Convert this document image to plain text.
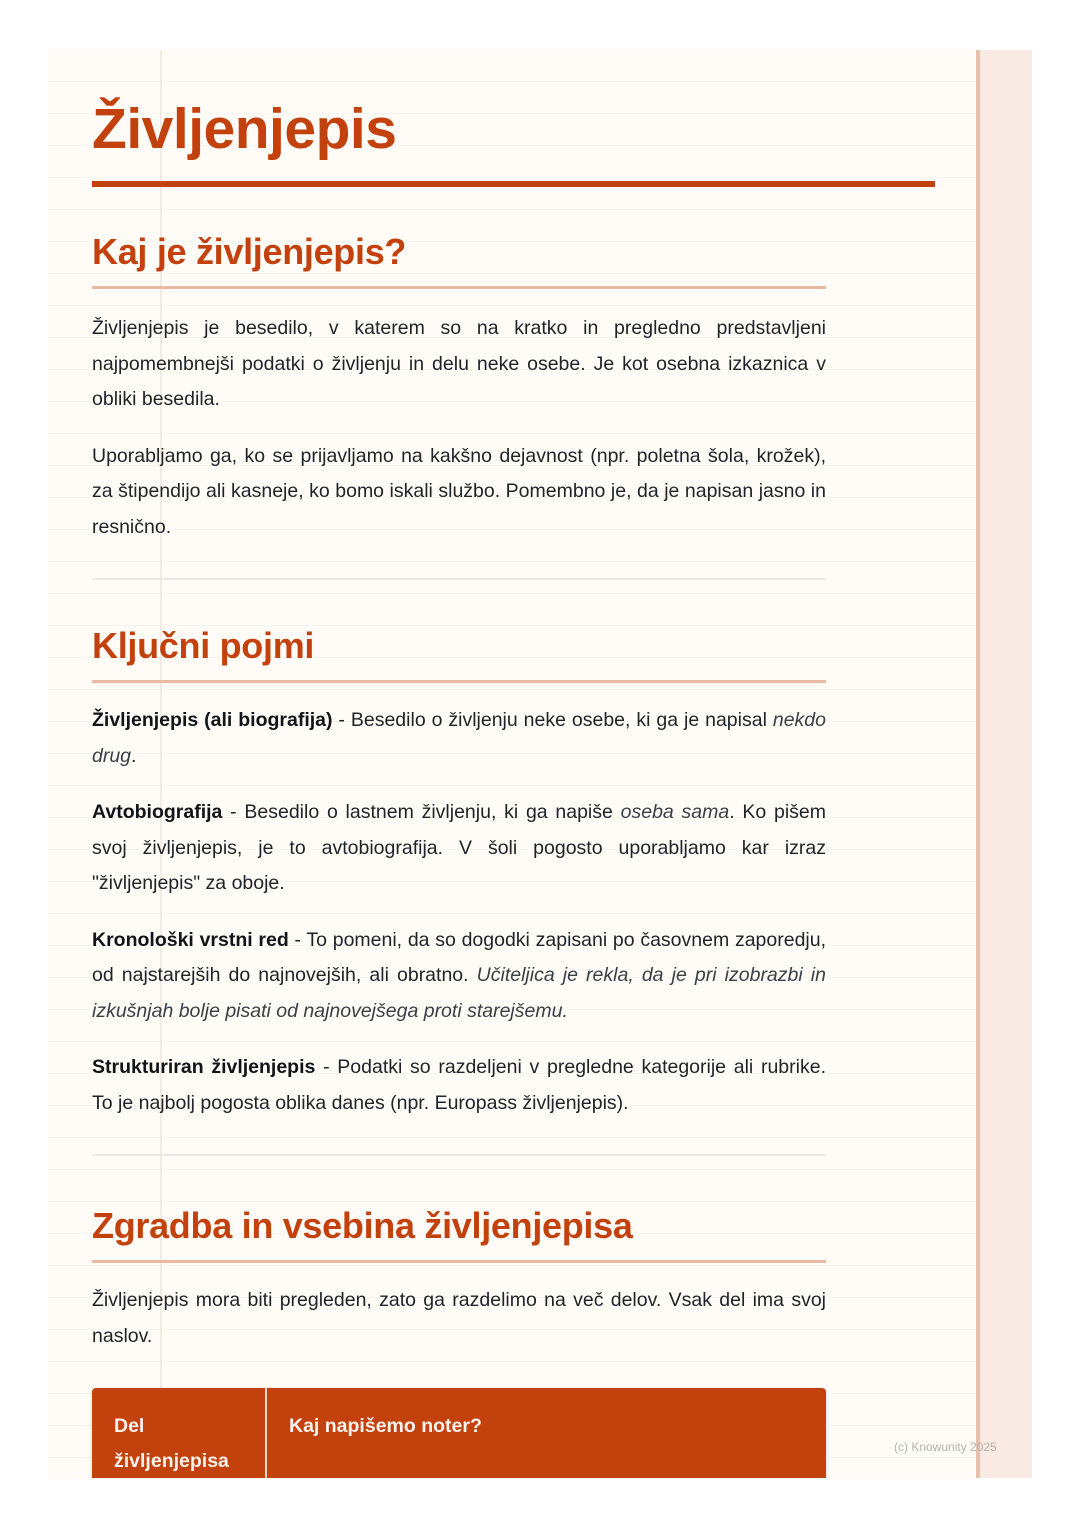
Življenjepis
Kaj je življenjepis?

Življenjepis je besedilo, v katerem so na kratko in pregledno predstavljeni najpomembnejši podatki o življenju in delu neke osebe. Je kot osebna izkaznica v obliki besedila.

Uporabljamo ga, ko se prijavljamo na kakšno dejavnost (npr. poletna šola, krožek), za štipendijo ali kasneje, ko bomo iskali službo. Pomembno je, da je napisan jasno in resnično.

Ključni pojmi

Življenjepis (ali biografija) - Besedilo o življenju neke osebe, ki ga je napisal nekdo drug.

Avtobiografija - Besedilo o lastnem življenju, ki ga napiše oseba sama. Ko pišem svoj življenjepis, je to avtobiografija. V šoli pogosto uporabljamo kar izraz "življenjepis" za oboje.

Kronološki vrstni red - To pomeni, da so dogodki zapisani po časovnem zaporedju, od najstarejših do najnovejših, ali obratno. Učiteljica je rekla, da je pri izobrazbi in izkušnjah bolje pisati od najnovejšega proti starejšemu.

Strukturiran življenjepis - Podatki so razdeljeni v pregledne kategorije ali rubrike. To je najbolj pogosta oblika danes (npr. Europass življenjepis).

Zgradba in vsebina življenjepisa

Življenjepis mora biti pregleden, zato ga razdelimo na več delov. Vsak del ima svoj naslov.

Del življenjepisa
Kaj napišemo noter?
(c) Knowunity 2025
